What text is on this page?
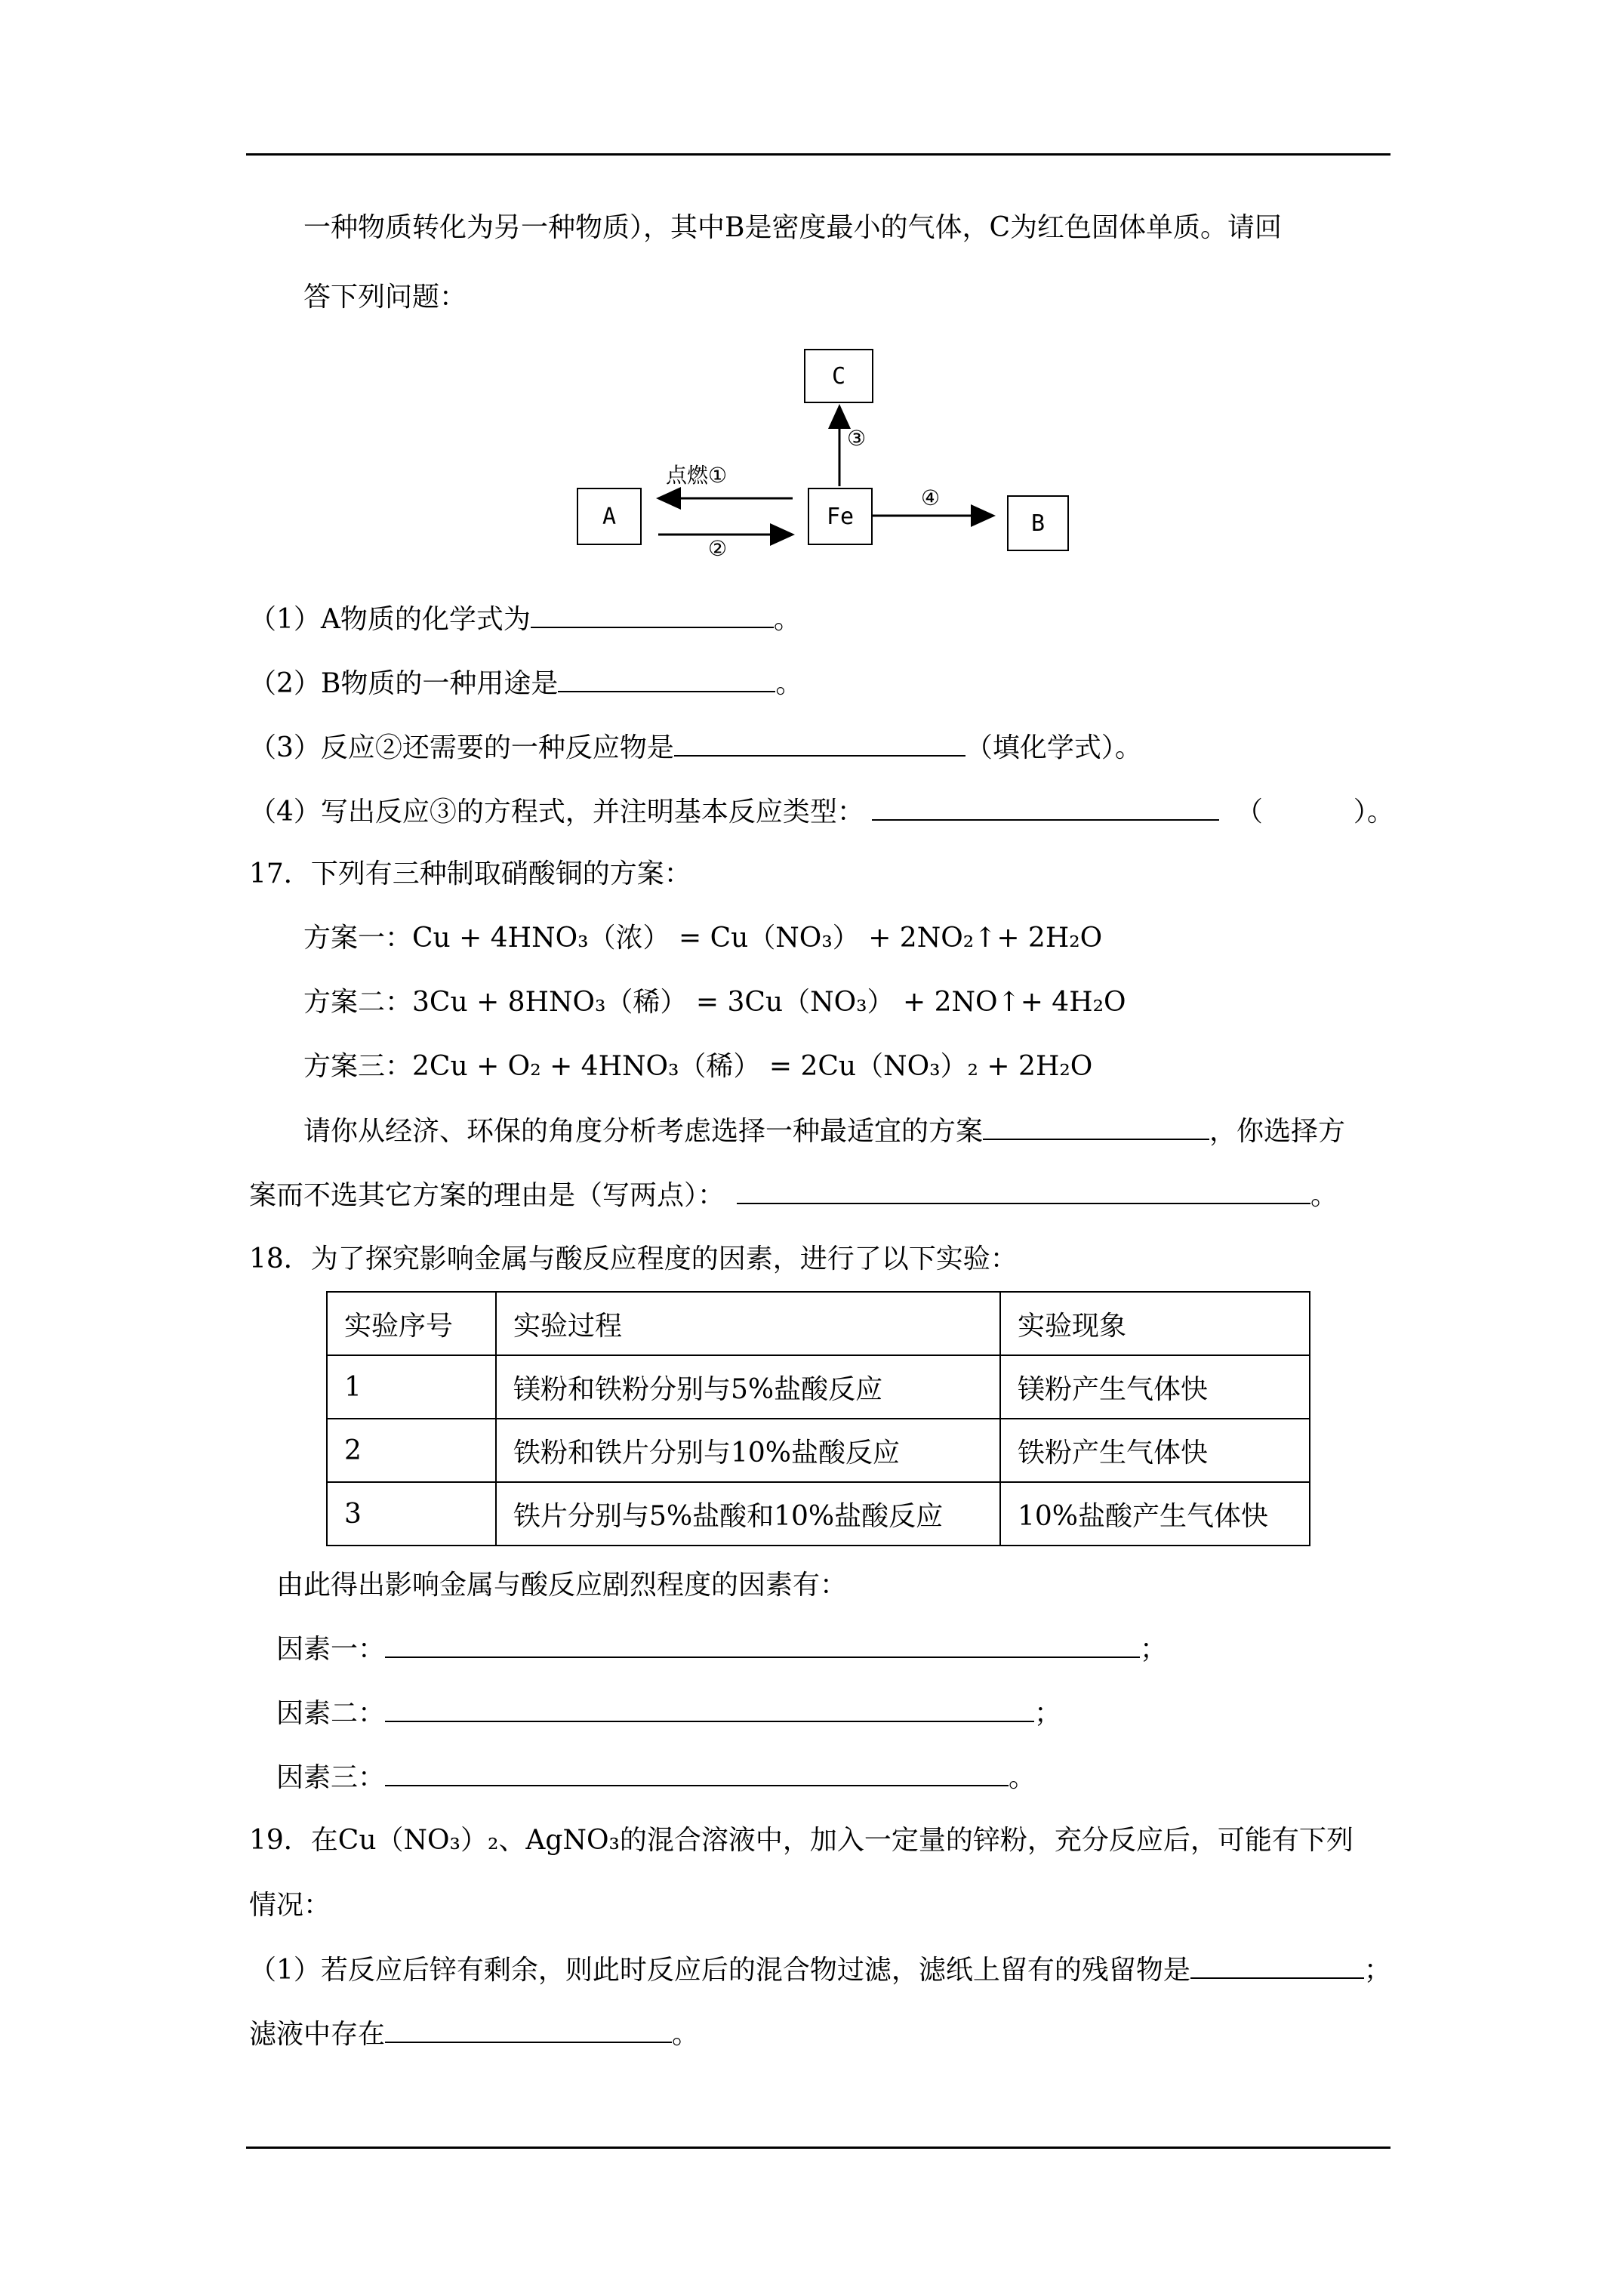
一种物质转化为另一种物质），其中B是密度最小的气体，C为红色固体单质。请回
答下列问题：
C
A	Fe	B
点燃①
②
③
④
（1）A物质的化学式为	。
（2）B物质的一种用途是	。
（3）反应②还需要的一种反应物是	（填化学式）。
（4）写出反应③的方程式，并注明基本反应类型：	（	）。
17．下列有三种制取硝酸铜的方案：
方案一：Cu + 4HNO₃（浓） = Cu（NO₃） + 2NO₂↑+ 2H₂O
方案二：3Cu + 8HNO₃（稀） = 3Cu（NO₃） + 2NO↑+ 4H₂O
方案三：2Cu + O₂ + 4HNO₃（稀） = 2Cu（NO₃）₂ + 2H₂O
请你从经济、环保的角度分析考虑选择一种最适宜的方案	，你选择方
案而不选其它方案的理由是（写两点）：	。
18．为了探究影响金属与酸反应程度的因素，进行了以下实验：
实验序号	实验过程	实验现象
1	镁粉和铁粉分别与5%盐酸反应	镁粉产生气体快
2	铁粉和铁片分别与10%盐酸反应	铁粉产生气体快
3	铁片分别与5%盐酸和10%盐酸反应	10%盐酸产生气体快
由此得出影响金属与酸反应剧烈程度的因素有：
因素一：	；
因素二：	；
因素三：	。
19．在Cu（NO₃）₂、AgNO₃的混合溶液中，加入一定量的锌粉，充分反应后，可能有下列
情况：
（1）若反应后锌有剩余，则此时反应后的混合物过滤，滤纸上留有的残留物是	；
滤液中存在	。
